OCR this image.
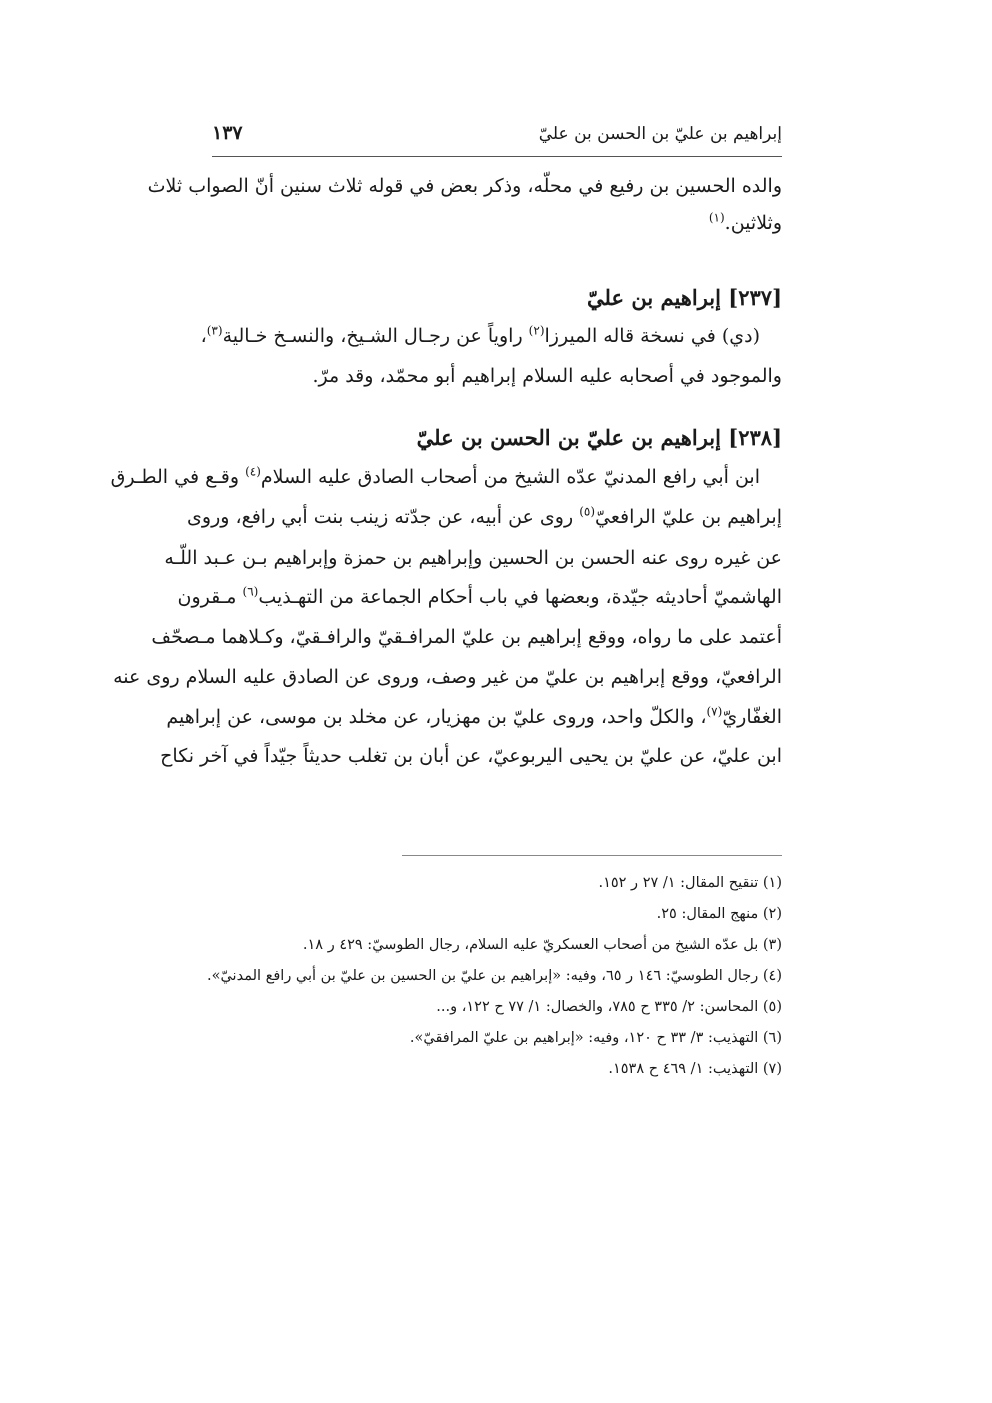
إبراهيم بن عليّ بن الحسن بن عليّ
١٣٧
والده الحسين بن رفيع في محلّه، وذكر بعض في قوله ثلاث سنين أنّ الصواب ثلاث
وثلاثين.$^{(١)}$
[٢٣٧] إبراهيم بن عليّ
(دي) في نسخة قاله الميرزا$^{(٢)}$ راوياً عن رجـال الشـيخ، والنسـخ خـالية$^{(٣)}$،
والموجود في أصحابه عليه السلام إبراهيم أبو محمّد، وقد مرّ.
[٢٣٨] إبراهيم بن عليّ بن الحسن بن عليّ
ابن أبي رافع المدنيّ عدّه الشيخ من أصحاب الصادق عليه السلام$^{(٤)}$ وقـع في الطـرق
إبراهيم بن عليّ الرافعيّ$^{(٥)}$ روى عن أبيه، عن جدّته زينب بنت أبي رافع، وروى
عن غيره روى عنه الحسن بن الحسين وإبراهيم بن حمزة وإبراهيم بـن عـبد اللّـه
الهاشميّ أحاديثه جيّدة، وبعضها في باب أحكام الجماعة من التهـذيب$^{(٦)}$ مـقرون
أعتمد على ما رواه، ووقع إبراهيم بن عليّ المرافـقيّ والرافـقيّ، وكـلاهما مـصحّف
الرافعيّ، ووقع إبراهيم بن عليّ من غير وصف، وروى عن الصادق عليه السلام روى عنه
الغفّاريّ$^{(٧)}$، والكلّ واحد، وروى عليّ بن مهزيار، عن مخلد بن موسى، عن إبراهيم
ابن عليّ، عن عليّ بن يحيى اليربوعيّ، عن أبان بن تغلب حديثاً جيّداً في آخر نكاح
(١) تنقيح المقال: ١/ ٢٧ ر ١٥٢.
(٢) منهج المقال: ٢٥.
(٣) بل عدّه الشيخ من أصحاب العسكريّ عليه السلام، رجال الطوسيّ: ٤٢٩ ر ١٨.
(٤) رجال الطوسيّ: ١٤٦ ر ٦٥، وفيه: «إبراهيم بن عليّ بن الحسين بن عليّ بن أبي رافع المدنيّ».
(٥) المحاسن: ٢/ ٣٣٥ ح ٧٨٥، والخصال: ١/ ٧٧ ح ١٢٢، و...
(٦) التهذيب: ٣/ ٣٣ ح ١٢٠، وفيه: «إبراهيم بن عليّ المرافقيّ».
(٧) التهذيب: ١/ ٤٦٩ ح ١٥٣٨.
